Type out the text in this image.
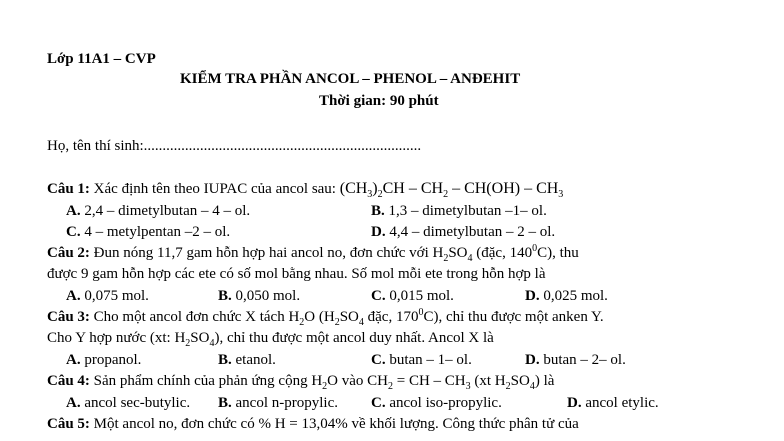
Lớp 11A1 – CVP
KIỂM TRA PHẦN ANCOL – PHENOL – ANĐEHIT
Thời gian: 90 phút
Họ, tên thí sinh:..........................................................................
Câu 1: Xác định tên theo IUPAC của ancol sau: $(CH_3)_2CH - CH_2 - CH(OH) - CH_3$
A. 2,4 – dimetylbutan – 4 – ol.	B. 1,3 – dimetylbutan –1– ol.
C. 4 – metylpentan –2 – ol.	D. 4,4 – dimetylbutan – 2 – ol.
Câu 2: Đun nóng 11,7 gam hỗn hợp hai ancol no, đơn chức với $H_2SO_4$ (đặc, $140^0C$), thu
được 9 gam hỗn hợp các ete có số mol bằng nhau. Số mol mỗi ete trong hỗn hợp là
A. 0,075 mol.	B. 0,050 mol.	C. 0,015 mol.	D. 0,025 mol.
Câu 3: Cho một ancol đơn chức X tách $H_2O$ ($H_2SO_4$ đặc, $170^0C$), chỉ thu được một anken Y.
Cho Y hợp nước (xt: $H_2SO_4$), chỉ thu được một ancol duy nhất. Ancol X là
A. propanol.	B. etanol.	C. butan – 1– ol.	D. butan – 2– ol.
Câu 4: Sản phẩm chính của phản ứng cộng $H_2O$ vào $CH_2$ = CH – $CH_3$ (xt $H_2SO_4$) là
A. ancol sec-butylic. B. ancol n-propylic. C. ancol iso-propylic.	D. ancol etylic.
Câu 5: Một ancol no, đơn chức có % H = 13,04% về khối lượng. Công thức phân tử của
